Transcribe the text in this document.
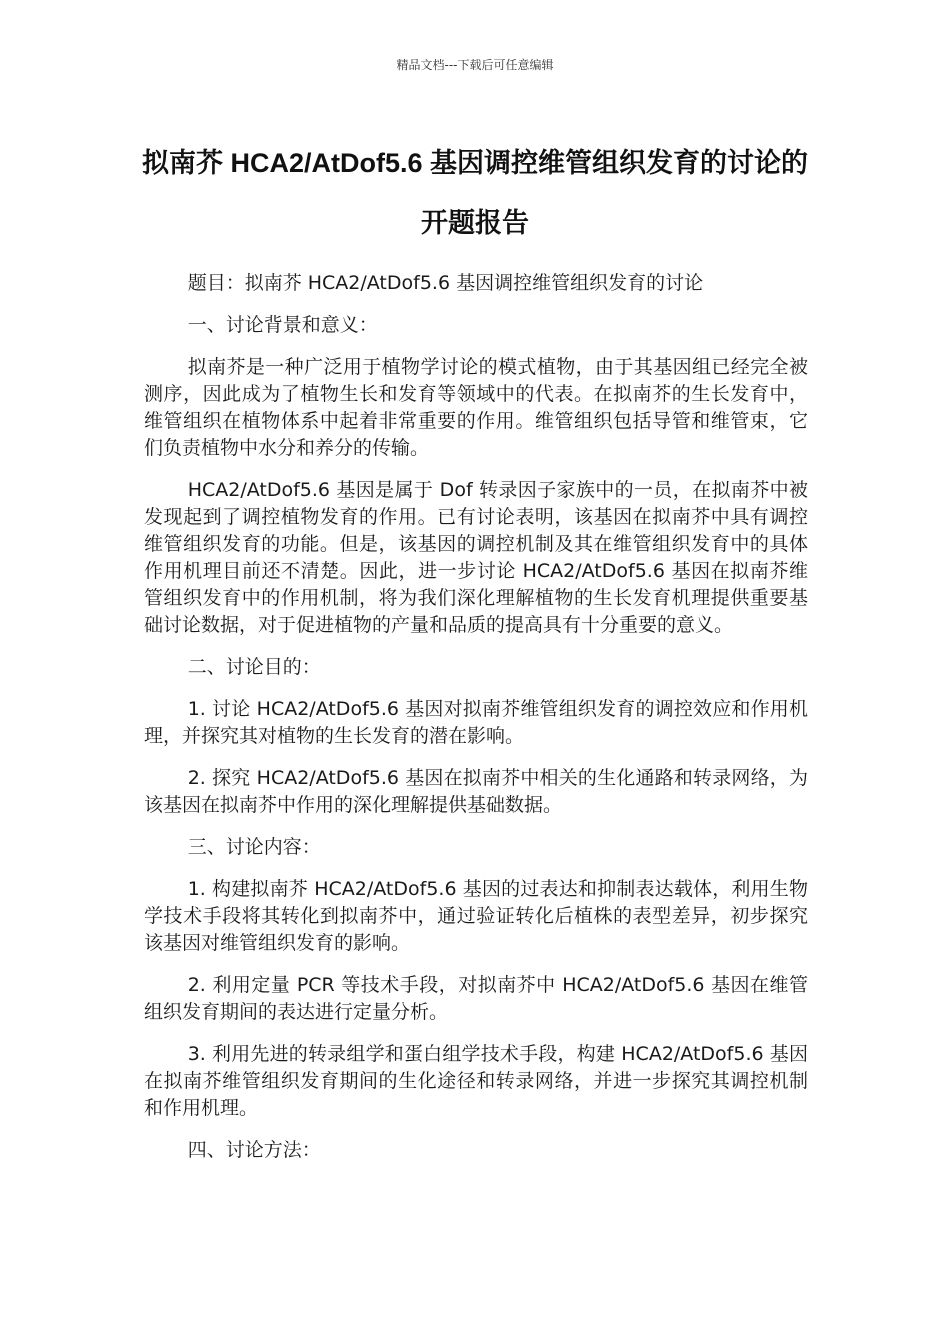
精品文档---下载后可任意编辑
拟南芥 HCA2/AtDof5.6 基因调控维管组织发育的讨论的开题报告

题目：拟南芥 HCA2/AtDof5.6 基因调控维管组织发育的讨论

一、讨论背景和意义：

拟南芥是一种广泛用于植物学讨论的模式植物，由于其基因组已经完全被测序，因此成为了植物生长和发育等领域中的代表。在拟南芥的生长发育中，维管组织在植物体系中起着非常重要的作用。维管组织包括导管和维管束，它们负责植物中水分和养分的传输。

HCA2/AtDof5.6 基因是属于 Dof 转录因子家族中的一员，在拟南芥中被发现起到了调控植物发育的作用。已有讨论表明，该基因在拟南芥中具有调控维管组织发育的功能。但是，该基因的调控机制及其在维管组织发育中的具体作用机理目前还不清楚。因此，进一步讨论 HCA2/AtDof5.6 基因在拟南芥维管组织发育中的作用机制，将为我们深化理解植物的生长发育机理提供重要基础讨论数据，对于促进植物的产量和品质的提高具有十分重要的意义。

二、讨论目的：

1. 讨论 HCA2/AtDof5.6 基因对拟南芥维管组织发育的调控效应和作用机理，并探究其对植物的生长发育的潜在影响。

2. 探究 HCA2/AtDof5.6 基因在拟南芥中相关的生化通路和转录网络，为该基因在拟南芥中作用的深化理解提供基础数据。

三、讨论内容：

1. 构建拟南芥 HCA2/AtDof5.6 基因的过表达和抑制表达载体，利用生物学技术手段将其转化到拟南芥中，通过验证转化后植株的表型差异，初步探究该基因对维管组织发育的影响。

2. 利用定量 PCR 等技术手段，对拟南芥中 HCA2/AtDof5.6 基因在维管组织发育期间的表达进行定量分析。

3. 利用先进的转录组学和蛋白组学技术手段，构建 HCA2/AtDof5.6 基因在拟南芥维管组织发育期间的生化途径和转录网络，并进一步探究其调控机制和作用机理。

四、讨论方法：
